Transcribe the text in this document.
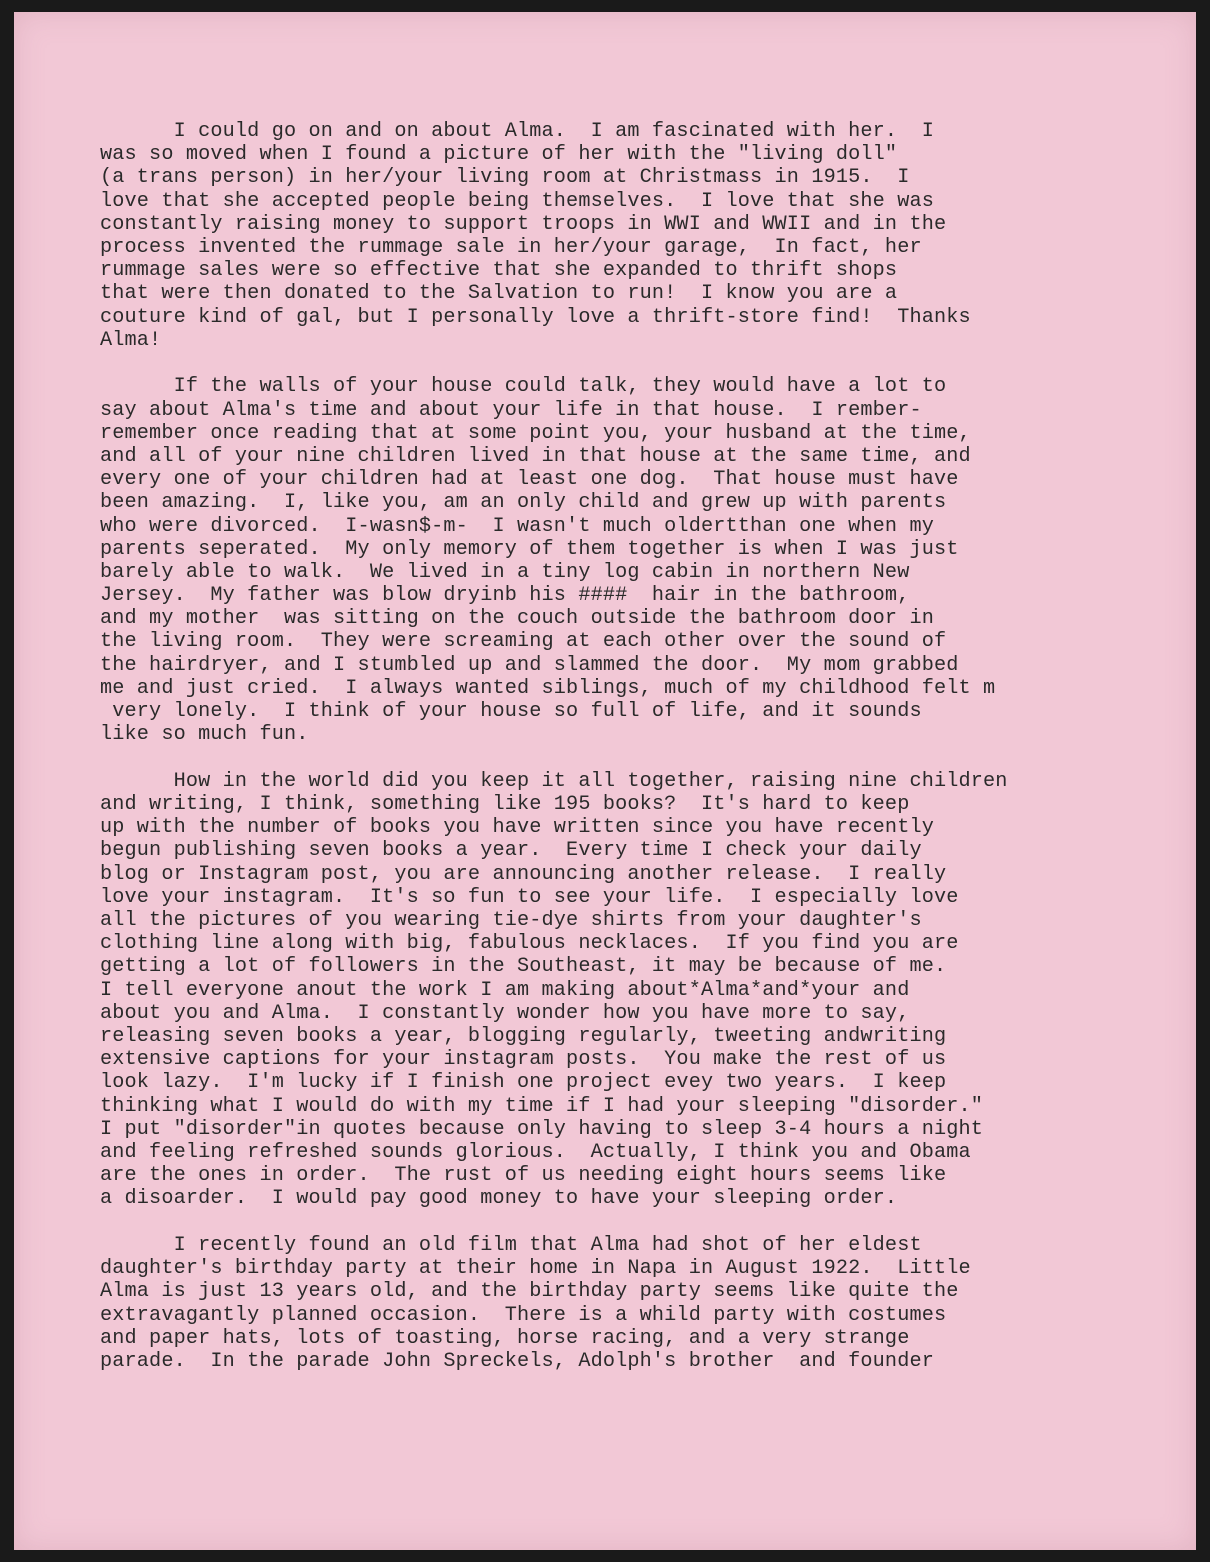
I could go on and on about Alma.  I am fascinated with her.  I
was so moved when I found a picture of her with the "living doll"
(a trans person) in her/your living room at Christmass in 1915.  I
love that she accepted people being themselves.  I love that she was
constantly raising money to support troops in WWI and WWII and in the
process invented the rummage sale in her/your garage,  In fact, her
rummage sales were so effective that she expanded to thrift shops
that were then donated to the Salvation to run!  I know you are a
couture kind of gal, but I personally love a thrift-store find!  Thanks
Alma!
If the walls of your house could talk, they would have a lot to
say about Alma's time and about your life in that house.  I rember-
remember once reading that at some point you, your husband at the time,
and all of your nine children lived in that house at the same time, and
every one of your children had at least one dog.  That house must have
been amazing.  I, like you, am an only child and grew up with parents
who were divorced.  I-wasn$-m-  I wasn't much oldertthan one when my
parents seperated.  My only memory of them together is when I was just
barely able to walk.  We lived in a tiny log cabin in northern New
Jersey.  My father was blow dryinb his ####  hair in the bathroom,
and my mother  was sitting on the couch outside the bathroom door in
the living room.  They were screaming at each other over the sound of
the hairdryer, and I stumbled up and slammed the door.  My mom grabbed
me and just cried.  I always wanted siblings, much of my childhood felt m
very lonely.  I think of your house so full of life, and it sounds
like so much fun.
How in the world did you keep it all together, raising nine children
and writing, I think, something like 195 books?  It's hard to keep
up with the number of books you have written since you have recently
begun publishing seven books a year.  Every time I check your daily
blog or Instagram post, you are announcing another release.  I really
love your instagram.  It's so fun to see your life.  I especially love
all the pictures of you wearing tie-dye shirts from your daughter's
clothing line along with big, fabulous necklaces.  If you find you are
getting a lot of followers in the Southeast, it may be because of me.
I tell everyone anout the work I am making about*Alma*and*your and
about you and Alma.  I constantly wonder how you have more to say,
releasing seven books a year, blogging regularly, tweeting andwriting
extensive captions for your instagram posts.  You make the rest of us
look lazy.  I'm lucky if I finish one project evey two years.  I keep
thinking what I would do with my time if I had your sleeping "disorder."
I put "disorder"in quotes because only having to sleep 3-4 hours a night
and feeling refreshed sounds glorious.  Actually, I think you and Obama
are the ones in order.  The rust of us needing eight hours seems like
a disoarder.  I would pay good money to have your sleeping order.
I recently found an old film that Alma had shot of her eldest
daughter's birthday party at their home in Napa in August 1922.  Little
Alma is just 13 years old, and the birthday party seems like quite the
extravagantly planned occasion.  There is a whild party with costumes
and paper hats, lots of toasting, horse racing, and a very strange
parade.  In the parade John Spreckels, Adolph's brother  and founder
